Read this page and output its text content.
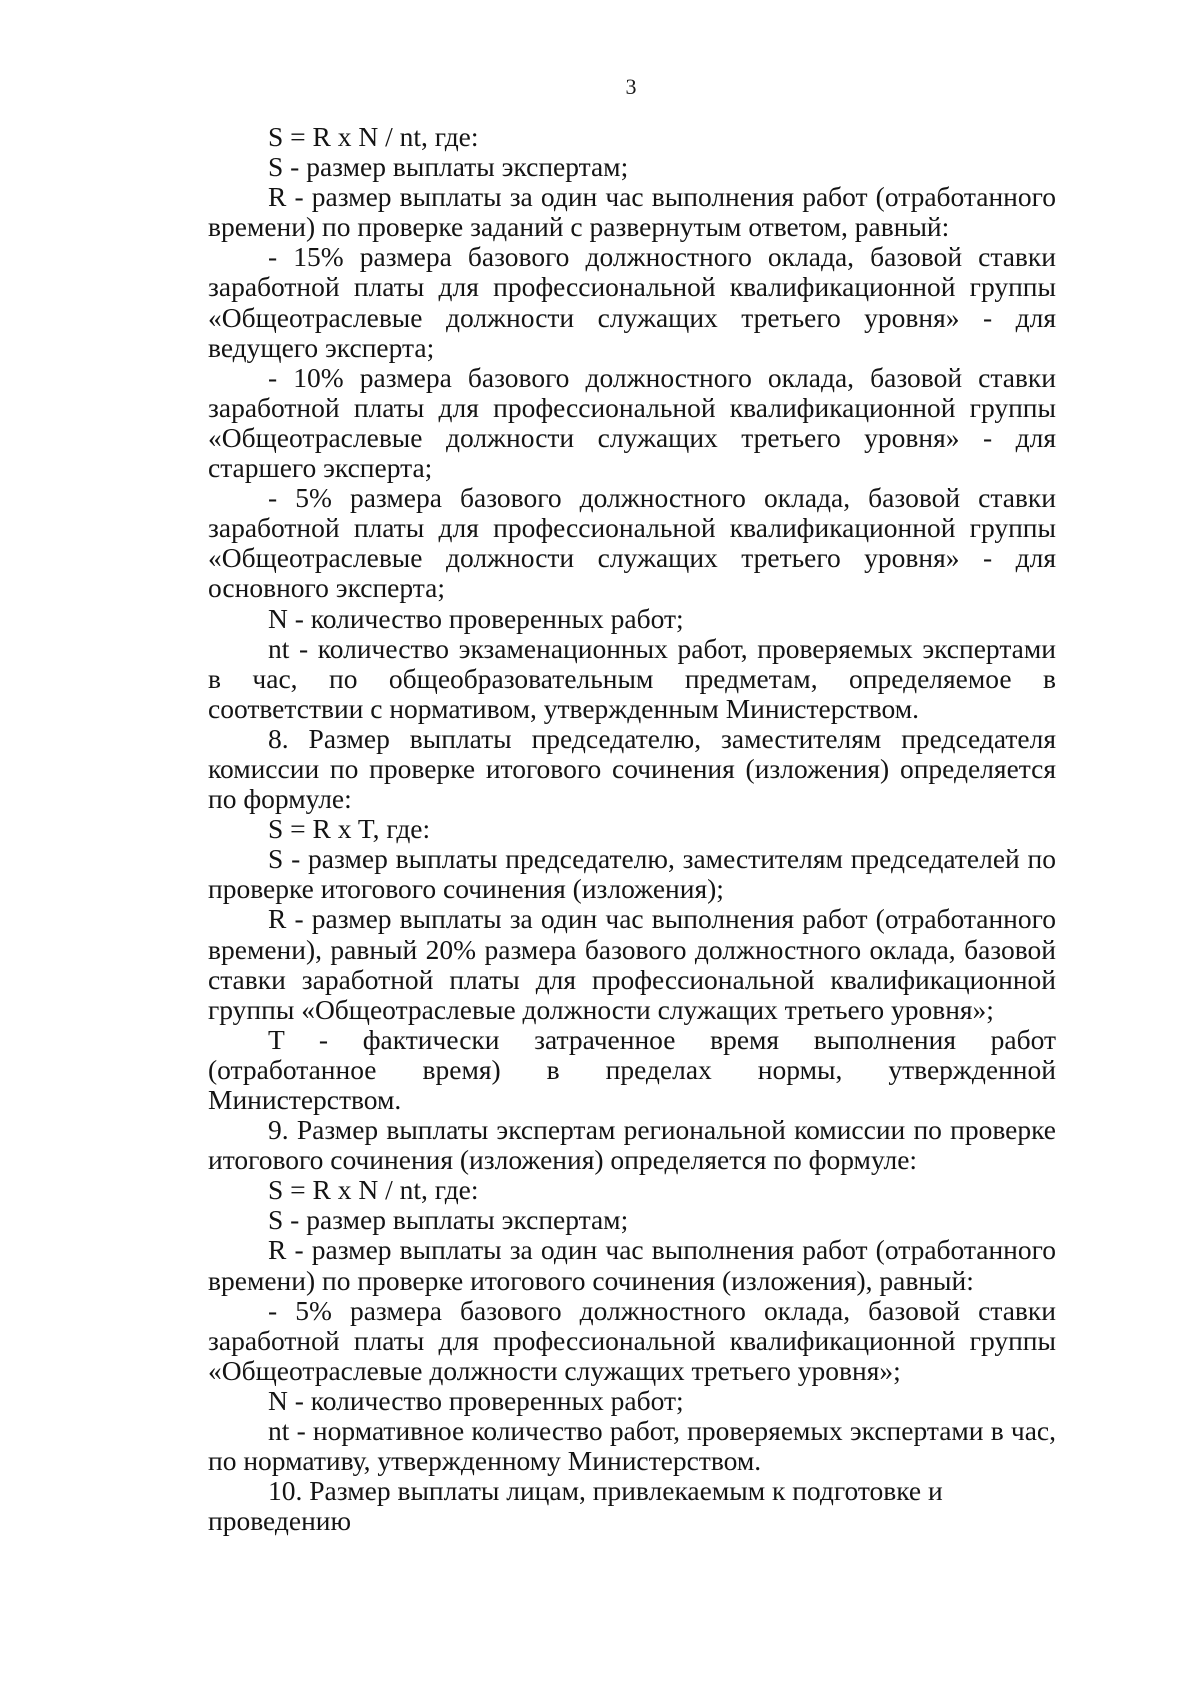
3

S = R x N / nt, где:

S - размер выплаты экспертам;

R - размер выплаты за один час выполнения работ (отработанного времени) по проверке заданий с развернутым ответом, равный:

- 15% размера базового должностного оклада, базовой ставки заработной платы для профессиональной квалификационной группы «Общеотраслевые должности служащих третьего уровня» - для ведущего эксперта;

- 10% размера базового должностного оклада, базовой ставки заработной платы для профессиональной квалификационной группы «Общеотраслевые должности служащих третьего уровня» - для старшего эксперта;

- 5% размера базового должностного оклада, базовой ставки заработной платы для профессиональной квалификационной группы «Общеотраслевые должности служащих третьего уровня» - для основного эксперта;

N - количество проверенных работ;

nt - количество экзаменационных работ, проверяемых экспертами в час, по общеобразовательным предметам, определяемое в соответствии с нормативом, утвержденным Министерством.

8. Размер выплаты председателю, заместителям председателя комиссии по проверке итогового сочинения (изложения) определяется по формуле:

S = R x T, где:

S - размер выплаты председателю, заместителям председателей по проверке итогового сочинения (изложения);

R - размер выплаты за один час выполнения работ (отработанного времени), равный 20% размера базового должностного оклада, базовой ставки заработной платы для профессиональной квалификационной группы «Общеотраслевые должности служащих третьего уровня»;

T - фактически затраченное время выполнения работ (отработанное время) в пределах нормы, утвержденной Министерством.

9. Размер выплаты экспертам региональной комиссии по проверке итогового сочинения (изложения) определяется по формуле:

S = R x N / nt, где:

S - размер выплаты экспертам;

R - размер выплаты за один час выполнения работ (отработанного времени) по проверке итогового сочинения (изложения), равный:

- 5% размера базового должностного оклада, базовой ставки заработной платы для профессиональной квалификационной группы «Общеотраслевые должности служащих третьего уровня»;

N - количество проверенных работ;

nt - нормативное количество работ, проверяемых экспертами в час, по нормативу, утвержденному Министерством.

10. Размер выплаты лицам, привлекаемым к подготовке и проведению
